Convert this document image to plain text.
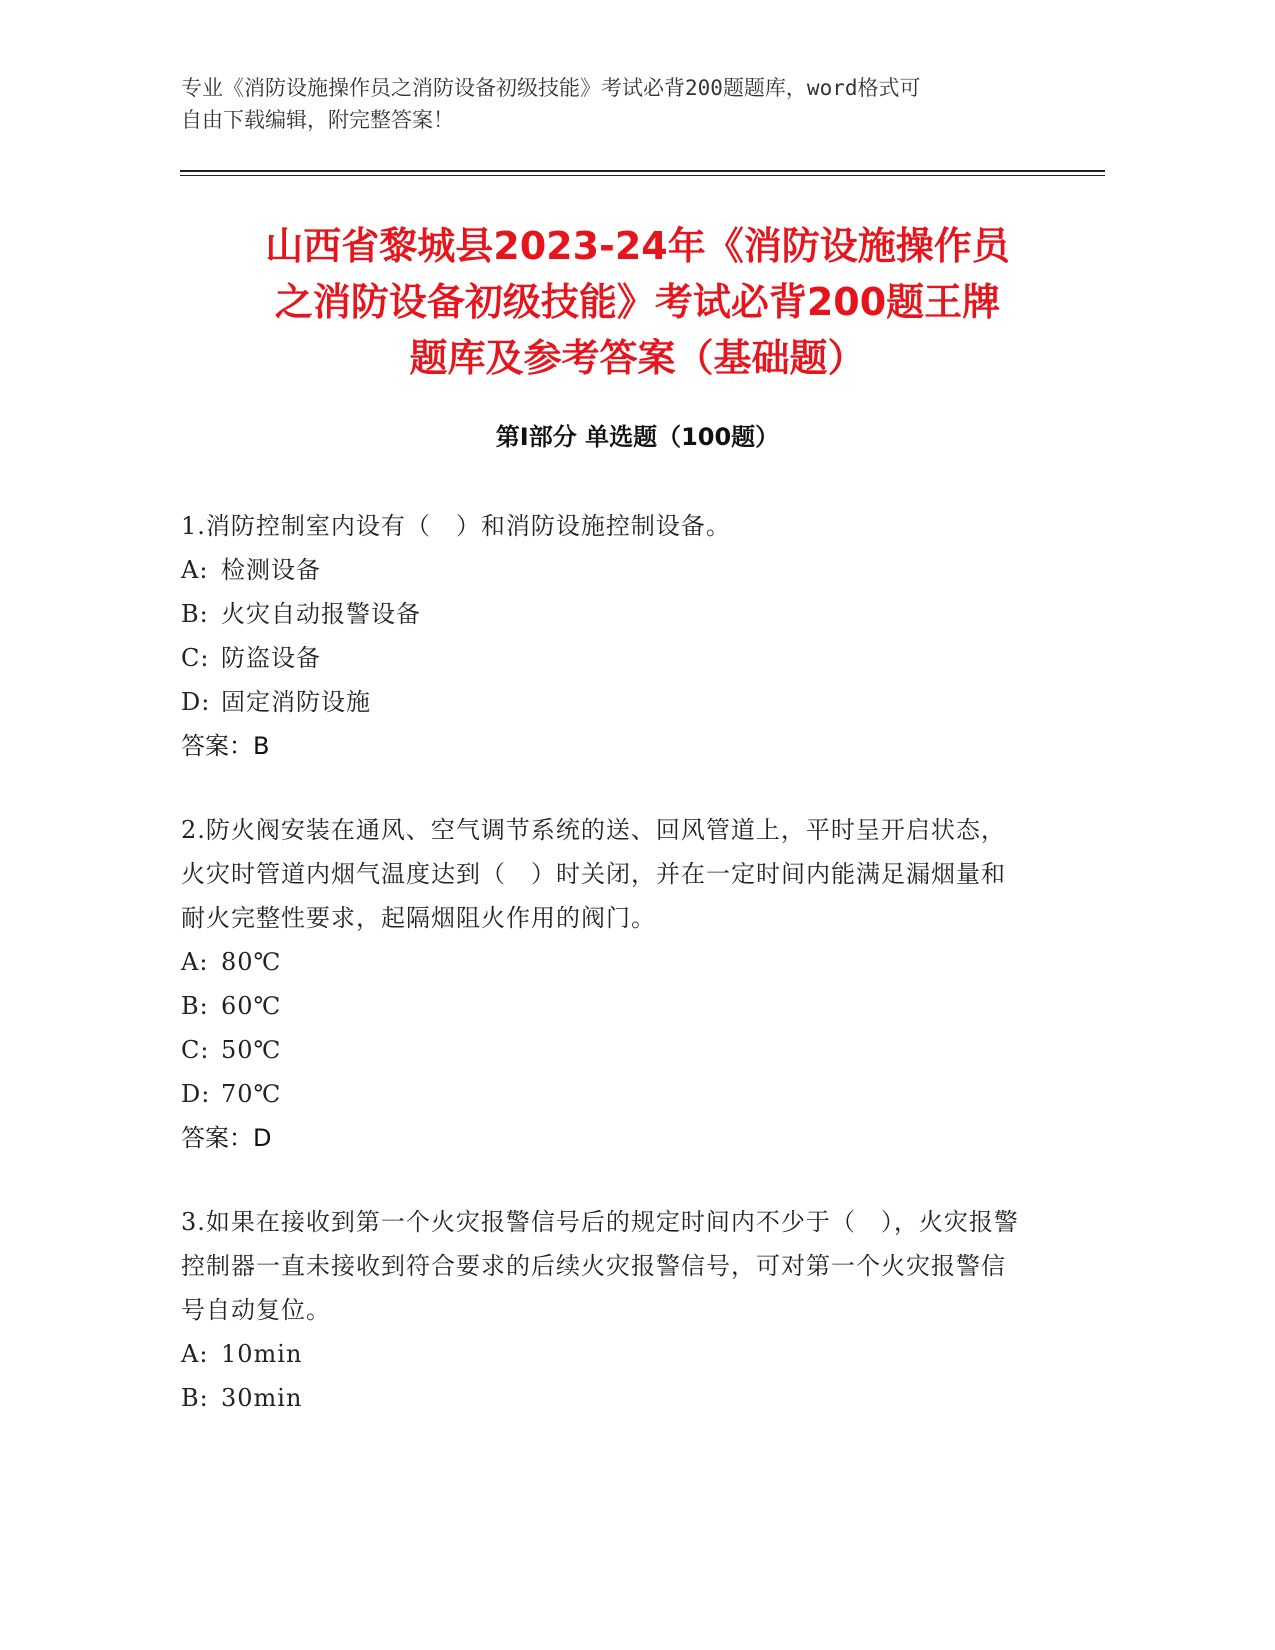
专业《消防设施操作员之消防设备初级技能》考试必背200题题库，word格式可
自由下载编辑，附完整答案！
山西省黎城县2023-24年《消防设施操作员
之消防设备初级技能》考试必背200题王牌
题库及参考答案（基础题）
第Ⅰ部分 单选题（100题）
1.消防控制室内设有（　）和消防设施控制设备。
A: 检测设备
B: 火灾自动报警设备
C: 防盗设备
D: 固定消防设施
答案：B
2.防火阀安装在通风、空气调节系统的送、回风管道上，平时呈开启状态，火灾时管道内烟气温度达到（　）时关闭，并在一定时间内能满足漏烟量和耐火完整性要求，起隔烟阻火作用的阀门。
A: 80℃
B: 60℃
C: 50℃
D: 70℃
答案：D
3.如果在接收到第一个火灾报警信号后的规定时间内不少于（　），火灾报警控制器一直未接收到符合要求的后续火灾报警信号，可对第一个火灾报警信号自动复位。
A: 10min
B: 30min
